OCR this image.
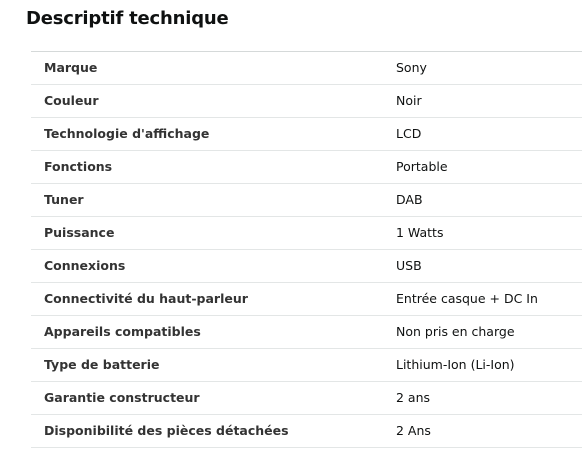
Descriptif technique
Marque	Sony
Couleur	Noir
Technologie d'affichage	LCD
Fonctions	Portable
Tuner	DAB
Puissance	1 Watts
Connexions	USB
Connectivité du haut-parleur	Entrée casque + DC In
Appareils compatibles	Non pris en charge
Type de batterie	Lithium-Ion (Li-Ion)
Garantie constructeur	2 ans
Disponibilité des pièces détachées	2 Ans
